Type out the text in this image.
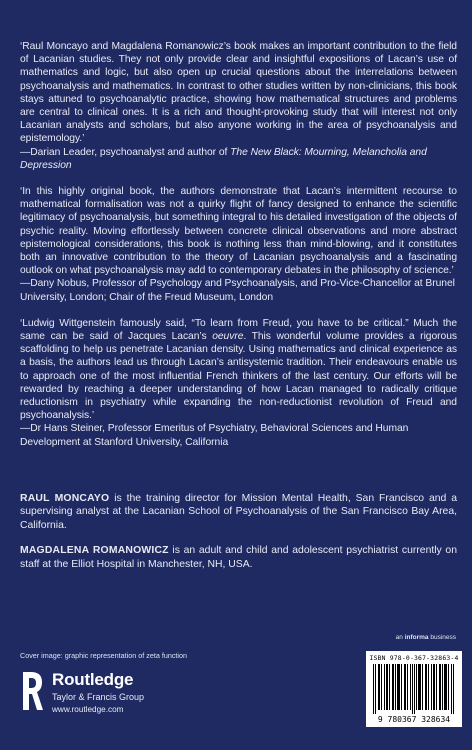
‘Raul Moncayo and Magdalena Romanowicz’s book makes an important contribution to the field of Lacanian studies. They not only provide clear and insightful expositions of Lacan’s use of mathematics and logic, but also open up crucial questions about the interrelations between psychoanalysis and mathematics. In contrast to other studies written by non-clinicians, this book stays attuned to psychoanalytic practice, showing how mathematical structures and problems are central to clinical ones. It is a rich and thought-provoking study that will interest not only Lacanian analysts and scholars, but also anyone working in the area of psychoanalysis and epistemology.’
—Darian Leader, psychoanalyst and author of The New Black: Mourning, Melancholia and Depression

‘In this highly original book, the authors demonstrate that Lacan’s intermittent recourse to mathematical formalisation was not a quirky flight of fancy designed to enhance the scientific legitimacy of psychoanalysis, but something integral to his detailed investigation of the objects of psychic reality. Moving effortlessly between concrete clinical observations and more abstract epistemological considerations, this book is nothing less than mind-blowing, and it constitutes both an innovative contribution to the theory of Lacanian psychoanalysis and a fascinating outlook on what psychoanalysis may add to contemporary debates in the philosophy of science.’
—Dany Nobus, Professor of Psychology and Psychoanalysis, and Pro-Vice-Chancellor at Brunel University, London; Chair of the Freud Museum, London

‘Ludwig Wittgenstein famously said, “To learn from Freud, you have to be critical.” Much the same can be said of Jacques Lacan’s oeuvre. This wonderful volume provides a rigorous scaffolding to help us penetrate Lacanian density. Using mathematics and clinical experience as a basis, the authors lead us through Lacan’s antisystemic tradition. Their endeavours enable us to approach one of the most influential French thinkers of the last century. Our efforts will be rewarded by reaching a deeper understanding of how Lacan managed to radically critique reductionism in psychiatry while expanding the non-reductionist revolution of Freud and psychoanalysis.’
—Dr Hans Steiner, Professor Emeritus of Psychiatry, Behavioral Sciences and Human Development at Stanford University, California

RAUL MONCAYO is the training director for Mission Mental Health, San Francisco and a supervising analyst at the Lacanian School of Psychoanalysis of the San Francisco Bay Area, California.

MAGDALENA ROMANOWICZ is an adult and child and adolescent psychiatrist currently on staff at the Elliot Hospital in Manchester, NH, USA.

an informa business
Cover image: graphic representation of zeta function
Routledge
Taylor & Francis Group
www.routledge.com
ISBN 978-0-367-32863-4
9 780367 328634
